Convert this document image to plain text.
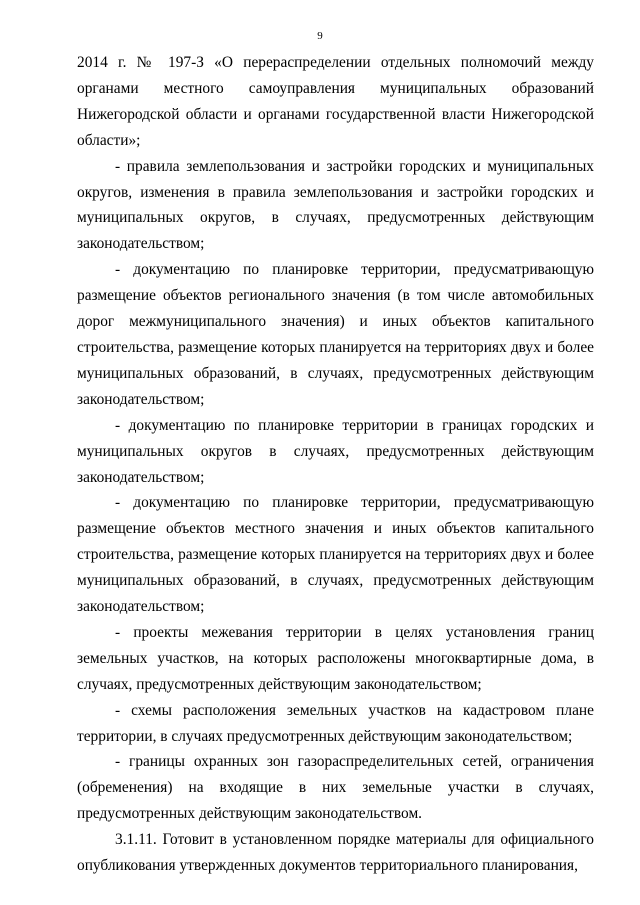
9

2014 г. № 197-З «О перераспределении отдельных полномочий между органами местного самоуправления муниципальных образований Нижегородской области и органами государственной власти Нижегородской области»;

- правила землепользования и застройки городских и муниципальных округов, изменения в правила землепользования и застройки городских и муниципальных округов, в случаях, предусмотренных действующим законодательством;

- документацию по планировке территории, предусматривающую размещение объектов регионального значения (в том числе автомобильных дорог межмуниципального значения) и иных объектов капитального строительства, размещение которых планируется на территориях двух и более муниципальных образований, в случаях, предусмотренных действующим законодательством;

- документацию по планировке территории в границах городских и муниципальных округов в случаях, предусмотренных действующим законодательством;

- документацию по планировке территории, предусматривающую размещение объектов местного значения и иных объектов капитального строительства, размещение которых планируется на территориях двух и более муниципальных образований, в случаях, предусмотренных действующим законодательством;

- проекты межевания территории в целях установления границ земельных участков, на которых расположены многоквартирные дома, в случаях, предусмотренных действующим законодательством;

- схемы расположения земельных участков на кадастровом плане территории, в случаях предусмотренных действующим законодательством;

- границы охранных зон газораспределительных сетей, ограничения (обременения) на входящие в них земельные участки в случаях, предусмотренных действующим законодательством.

3.1.11. Готовит в установленном порядке материалы для официального опубликования утвержденных документов территориального планирования,
